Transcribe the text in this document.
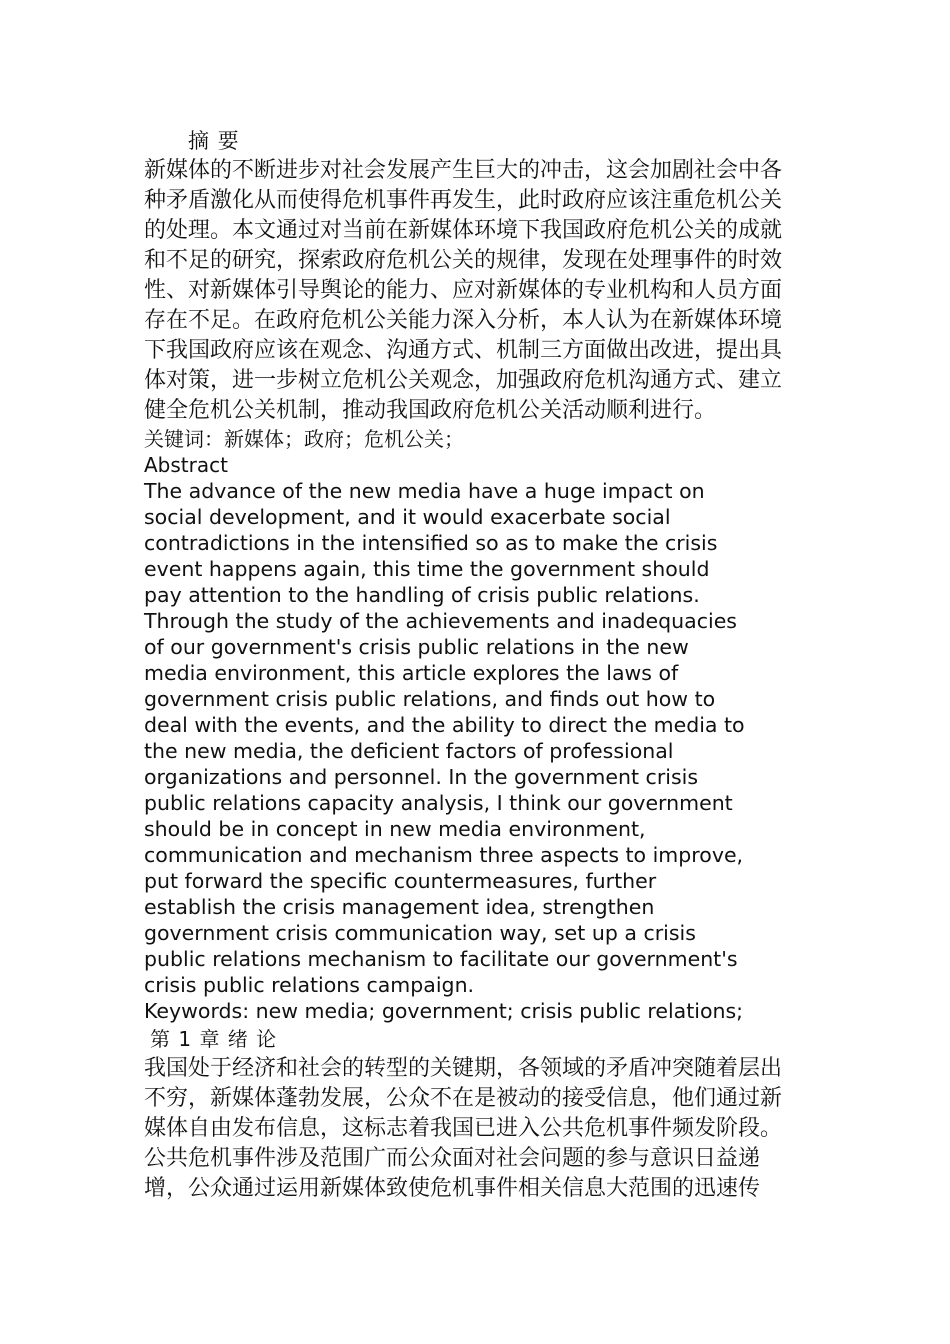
摘 要
新媒体的不断进步对社会发展产生巨大的冲击，这会加剧社会中各
种矛盾激化从而使得危机事件再发生，此时政府应该注重危机公关
的处理。本文通过对当前在新媒体环境下我国政府危机公关的成就
和不足的研究，探索政府危机公关的规律，发现在处理事件的时效
性、对新媒体引导舆论的能力、应对新媒体的专业机构和人员方面
存在不足。在政府危机公关能力深入分析，本人认为在新媒体环境
下我国政府应该在观念、沟通方式、机制三方面做出改进，提出具
体对策，进一步树立危机公关观念，加强政府危机沟通方式、建立
健全危机公关机制，推动我国政府危机公关活动顺利进行。
关键词：新媒体；政府；危机公关；
Abstract
The advance of the new media have a huge impact on
social development, and it would exacerbate social
contradictions in the intensified so as to make the crisis
event happens again, this time the government should
pay attention to the handling of crisis public relations.
Through the study of the achievements and inadequacies
of our government's crisis public relations in the new
media environment, this article explores the laws of
government crisis public relations, and finds out how to
deal with the events, and the ability to direct the media to
the new media, the deficient factors of professional
organizations and personnel. In the government crisis
public relations capacity analysis, I think our government
should be in concept in new media environment,
communication and mechanism three aspects to improve,
put forward the specific countermeasures, further
establish the crisis management idea, strengthen
government crisis communication way, set up a crisis
public relations mechanism to facilitate our government's
crisis public relations campaign.
Keywords: new media; government; crisis public relations;
第 1 章 绪 论
我国处于经济和社会的转型的关键期，各领域的矛盾冲突随着层出
不穷，新媒体蓬勃发展，公众不在是被动的接受信息，他们通过新
媒体自由发布信息，这标志着我国已进入公共危机事件频发阶段。
公共危机事件涉及范围广而公众面对社会问题的参与意识日益递
增，公众通过运用新媒体致使危机事件相关信息大范围的迅速传
